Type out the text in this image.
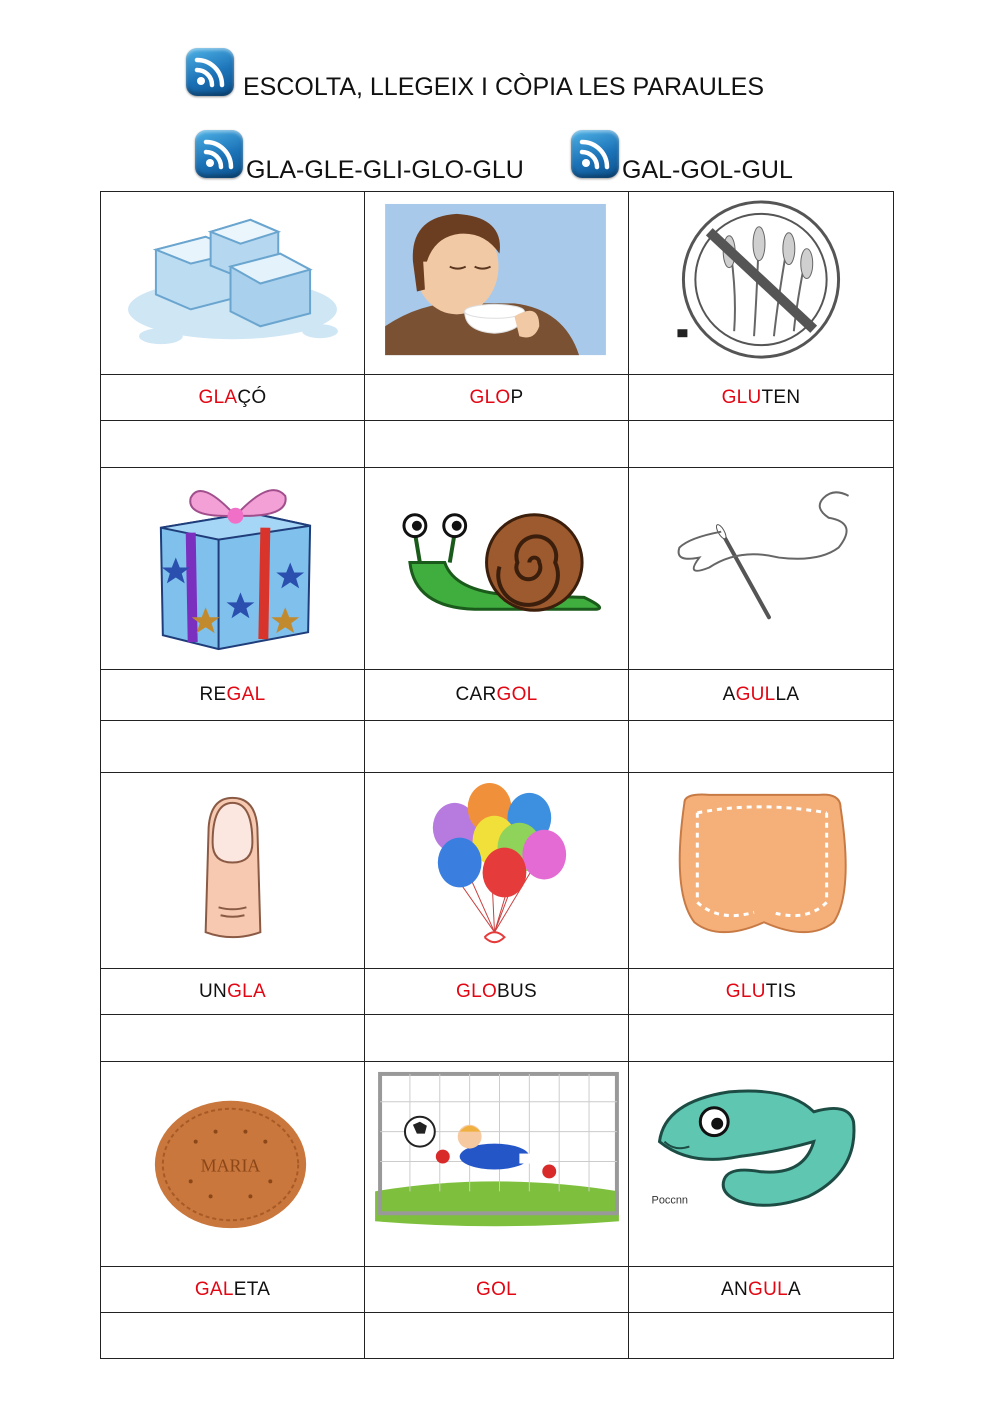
ESCOLTA, LLEGEIX I CÒPIA LES PARAULES
GLA-GLE-GLI-GLO-GLU	GAL-GOL-GUL

GLAÇÓ	GLOP	GLUTEN

REGAL	CARGOL	AGULLA

UNGLA	GLOBUS	GLUTIS

MARIA		Poccnn

GALETA	GOL	ANGULA
